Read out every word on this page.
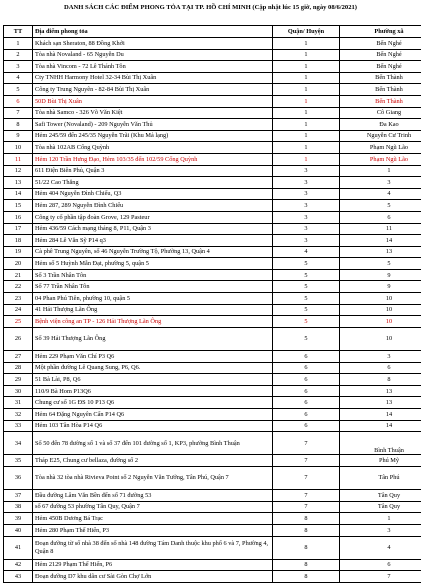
DANH SÁCH CÁC ĐIỂM PHONG TỎA TẠI TP. HỒ CHÍ MINH (Cập nhật lúc 15 giờ, ngày 08/6/2021)
TT	Địa điểm phong tỏa	Quận/ Huyện	Phường xã
1	Khách sạn Sheraton, 88 Đồng Khởi	1	Bến Nghé
2	Tòa nhà Novaland - 65 Nguyễn Du	1	Bến Nghé
3	Tòa nhà Vincom - 72 Lê Thánh Tôn	1	Bến Nghé
4	Cty TNHH Harmony Hotel 32-34 Bùi Thị Xuân	1	Bến Thành
5	Công ty Trung Nguyên - 82-84 Bùi Thị Xuân	1	Bến Thành
6	50D Bùi Thị Xuân	1	Bến Thành
7	Tòa nhà Samco - 326 Võ Văn Kiệt	1	Cô Giang
8	Safi Tower (Novaland) - 209 Nguyễn Văn Thủ	1	Đa Kao
9	Hẻm 245/59 đến 245/35 Nguyễn Trãi (Khu Mả lạng)	1	Nguyễn Cư Trinh
10	Tòa nhà 102AB Cống Quỳnh	1	Phạm Ngũ Lão
11	Hẻm 120 Trần Hưng Đạo, Hẻm 103/35 đến 102/59 Cống Quỳnh	1	Phạm Ngũ Lão
12	611 Điện Biên Phủ, Quận 3	3	1
13	51/22 Cao Thắng	3	3
14	Hẻm 404 Nguyễn Đình Chiểu, Q3	3	4
15	Hẻm 287, 289 Nguyễn Đình Chiểu	3	5
16	Công ty cổ phần tập đoàn Grove, 129 Pasteur	3	6
17	Hẻm 436/59 Cách mạng tháng 8, P11, Quận 3	3	11
18	Hẻm 284 Lê Văn Sỹ P14 q3	3	14
19	Cà phê Trung Nguyên, số 46 Nguyễn Trường Tộ, Phường 13, Quận 4	4	13
20	Hẻm số 5 Huỳnh Mẫn Đạt, phường 5, quận 5	5	5
21	Số 3 Trần Nhân Tôn	5	9
22	Số 77 Trần Nhân Tôn	5	9
23	04 Phan Phú Tiên, phường 10, quận 5	5	10
24	41 Hải Thượng Lãn Ông	5	10
25	Bệnh viện công an TP - 126 Hải Thượng Lãn Ông	5	10
26	Số 39 Hải Thượng Lãn Ông	5	10
27	Hẻm 229 Phạm Văn Chí P3 Q6	6	3
28	Một phần đường Lê Quang Sung, P6, Q6.	6	6
29	51 Bà Lài, P8, Q6	6	8
30	110/9 Bà Hom P13Q6	6	13
31	Chung cư số 1G ĐS 10 P13 Q6	6	13
32	Hẻm 64 Đặng Nguyên Cẩn P14 Q6	6	14
33	Hẻm 103 Tân Hòa P14 Q6	6	14
34	Số 50 đến 78 đường số 1 và số 37 đến 101 đường số 1, KP3, phường Bình Thuận	7	Bình Thuận
35	Tháp E25, Chung cư bellaza, đường số 2	7	Phú Mỹ
36	Tòa nhà 32 tòa nhà Rivieva Point số 2 Nguyễn Văn Tưởng, Tân Phú, Quận 7	7	Tân Phú
37	Đầu đường Lâm Văn Bền đến số 71 đường 53	7	Tân Quy
38	số 67 đường 53 phường Tân Quy, Quận 7	7	Tân Quy
39	Hẻm 450B Dương Bá Trạc	8	1
40	Hẻm 280 Phạm Thế Hiển, P3	8	3
41	Đoạn đường từ số nhà 38 đến số nhà 148 đường Tám Danh thuộc khu phố 6 và 7, Phường 4, Quận 8	8	4
42	Hẻm 2129 Phạm Thế Hiển, P6	8	6
43	Đoạn đường D7 khu dân cư Sài Gòn Chợ Lớn	8	7
